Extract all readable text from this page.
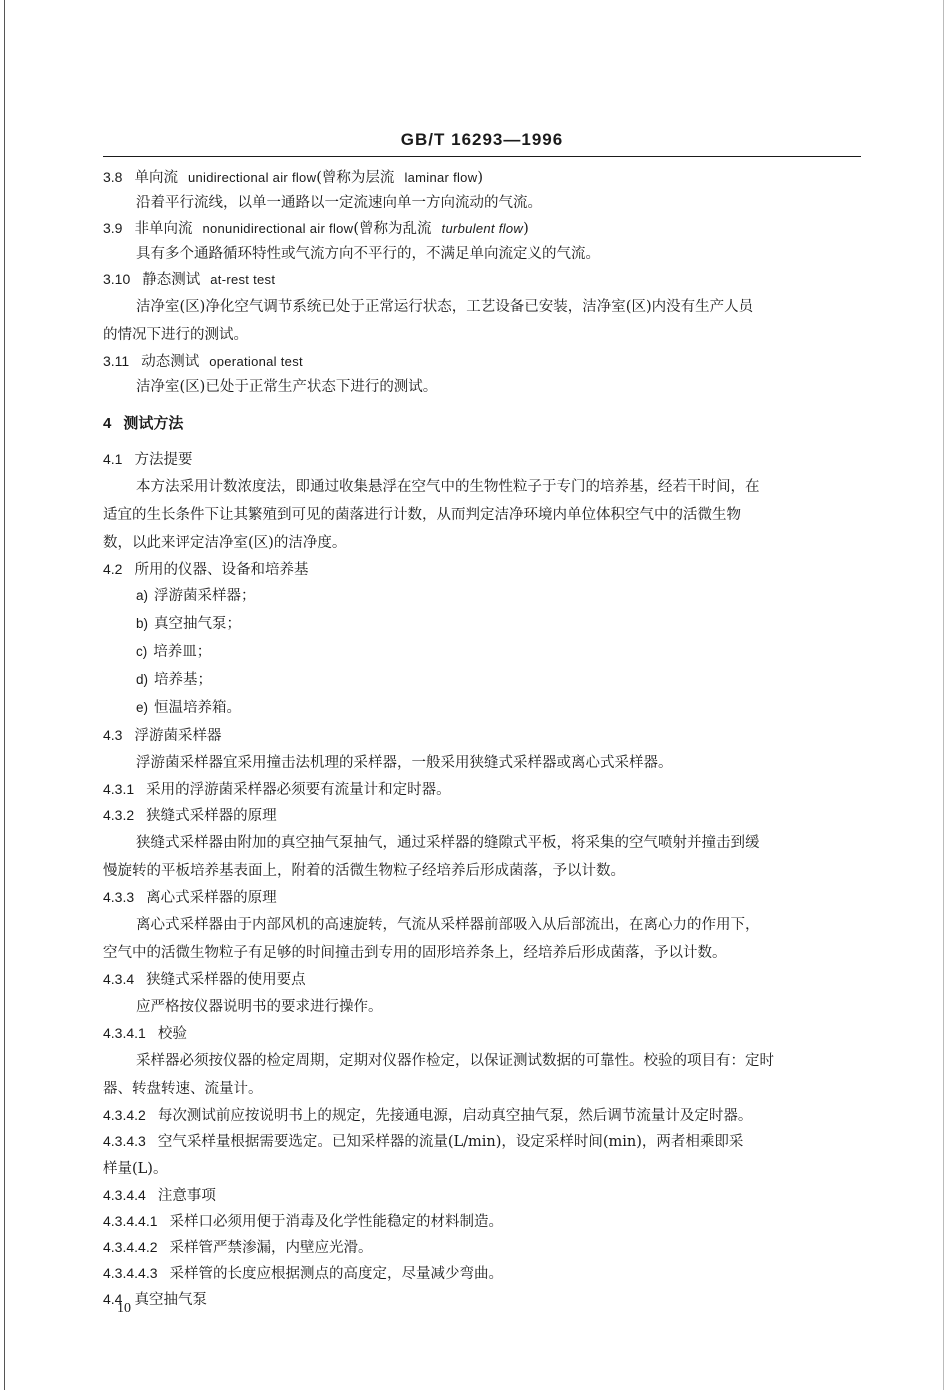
GB/T 16293—1996
3.8 单向流 unidirectional air flow(曾称为层流 laminar flow)
沿着平行流线，以单一通路以一定流速向单一方向流动的气流。
3.9 非单向流 nonunidirectional air flow(曾称为乱流 turbulent flow)
具有多个通路循环特性或气流方向不平行的，不满足单向流定义的气流。
3.10 静态测试 at-rest test
洁净室(区)净化空气调节系统已处于正常运行状态，工艺设备已安装，洁净室(区)内没有生产人员
的情况下进行的测试。
3.11 动态测试 operational test
洁净室(区)已处于正常生产状态下进行的测试。
4 测试方法
4.1 方法提要
本方法采用计数浓度法，即通过收集悬浮在空气中的生物性粒子于专门的培养基，经若干时间，在
适宜的生长条件下让其繁殖到可见的菌落进行计数，从而判定洁净环境内单位体积空气中的活微生物
数，以此来评定洁净室(区)的洁净度。
4.2 所用的仪器、设备和培养基
a) 浮游菌采样器；
b) 真空抽气泵；
c) 培养皿；
d) 培养基；
e) 恒温培养箱。
4.3 浮游菌采样器
浮游菌采样器宜采用撞击法机理的采样器，一般采用狭缝式采样器或离心式采样器。
4.3.1 采用的浮游菌采样器必须要有流量计和定时器。
4.3.2 狭缝式采样器的原理
狭缝式采样器由附加的真空抽气泵抽气，通过采样器的缝隙式平板，将采集的空气喷射并撞击到缓
慢旋转的平板培养基表面上，附着的活微生物粒子经培养后形成菌落，予以计数。
4.3.3 离心式采样器的原理
离心式采样器由于内部风机的高速旋转，气流从采样器前部吸入从后部流出，在离心力的作用下，
空气中的活微生物粒子有足够的时间撞击到专用的固形培养条上，经培养后形成菌落，予以计数。
4.3.4 狭缝式采样器的使用要点
应严格按仪器说明书的要求进行操作。
4.3.4.1 校验
采样器必须按仪器的检定周期，定期对仪器作检定，以保证测试数据的可靠性。校验的项目有：定时
器、转盘转速、流量计。
4.3.4.2 每次测试前应按说明书上的规定，先接通电源，启动真空抽气泵，然后调节流量计及定时器。
4.3.4.3 空气采样量根据需要选定。已知采样器的流量(L/min)，设定采样时间(min)，两者相乘即采
样量(L)。
4.3.4.4 注意事项
4.3.4.4.1 采样口必须用便于消毒及化学性能稳定的材料制造。
4.3.4.4.2 采样管严禁渗漏，内壁应光滑。
4.3.4.4.3 采样管的长度应根据测点的高度定，尽量减少弯曲。
4.4 真空抽气泵
10
